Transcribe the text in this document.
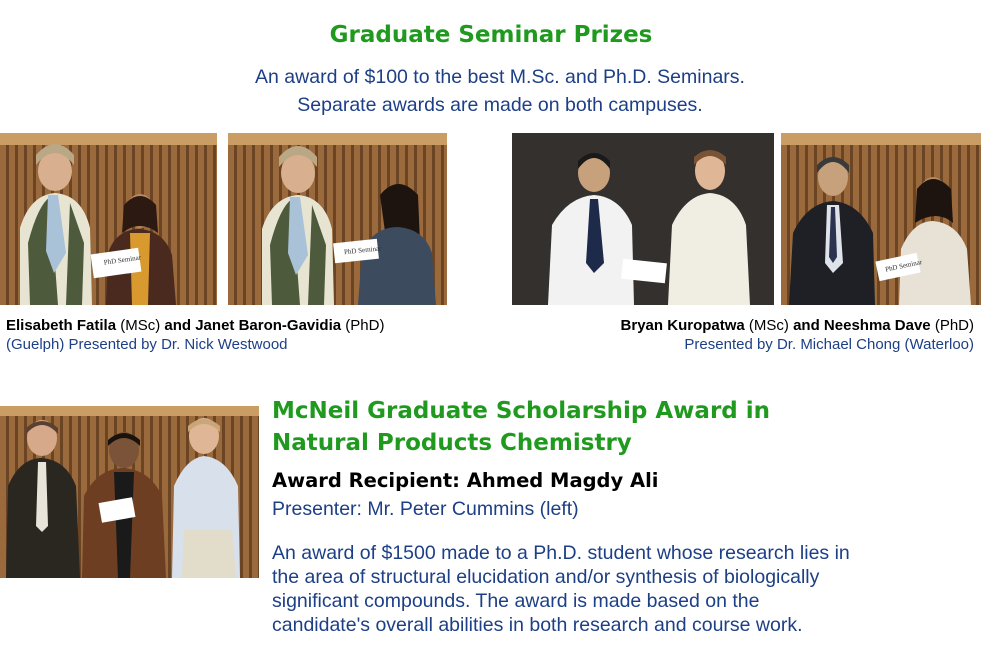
Graduate Seminar Prizes
An award of $100 to the best M.Sc. and Ph.D. Seminars.
Separate awards are made on both campuses.
PhD Seminar
PhD Seminar
PhD Seminar
Elisabeth Fatila (MSc) and Janet Baron-Gavidia (PhD)
(Guelph) Presented by Dr. Nick Westwood
Bryan Kuropatwa (MSc) and Neeshma Dave (PhD)
Presented by Dr. Michael Chong (Waterloo)
McNeil Graduate Scholarship Award in
Natural Products Chemistry
Award Recipient: Ahmed Magdy Ali
Presenter: Mr. Peter Cummins (left)
An award of $1500 made to a Ph.D. student whose research lies in
the area of structural elucidation and/or synthesis of biologically
significant compounds. The award is made based on the
candidate's overall abilities in both research and course work.
